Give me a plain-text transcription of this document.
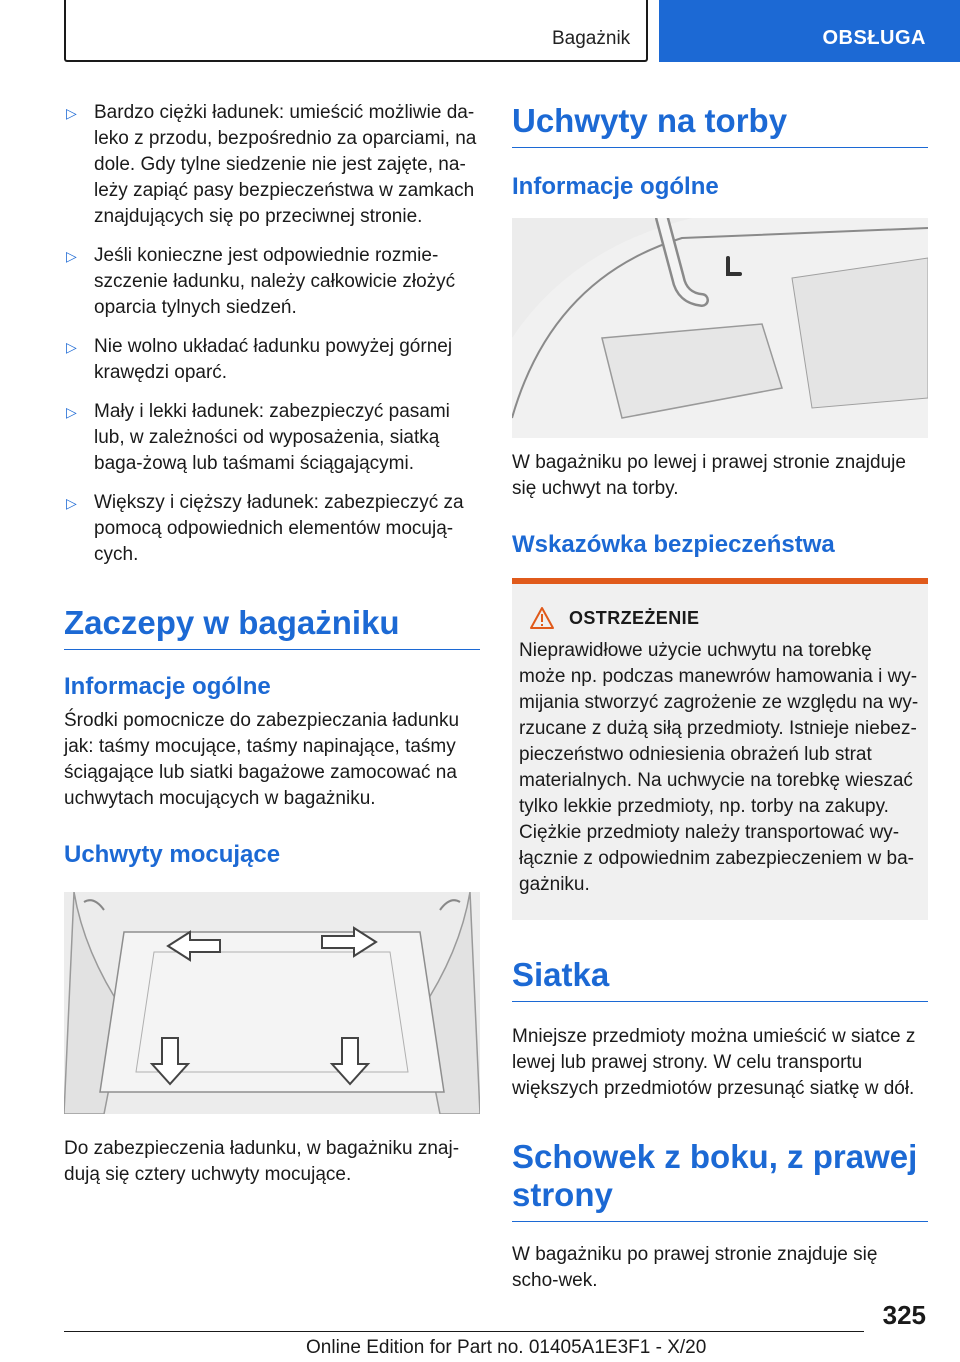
Bagażnik	OBSŁUGA
▷ Bardzo ciężki ładunek: umieścić możliwie da-leko z przodu, bezpośrednio za oparciami, na dole. Gdy tylne siedzenie nie jest zajęte, na-leży zapiąć pasy bezpieczeństwa w zamkach znajdujących się po przeciwnej stronie.
▷ Jeśli konieczne jest odpowiednie rozmie-szczenie ładunku, należy całkowicie złożyć oparcia tylnych siedzeń.
▷ Nie wolno układać ładunku powyżej górnej krawędzi oparć.
▷ Mały i lekki ładunek: zabezpieczyć pasami lub, w zależności od wyposażenia, siatką baga-żową lub taśmami ściągającymi.
▷ Większy i cięższy ładunek: zabezpieczyć za pomocą odpowiednich elementów mocują-cych.
Zaczepy w bagażniku
Informacje ogólne

Środki pomocnicze do zabezpieczania ładunku jak: taśmy mocujące, taśmy napinające, taśmy ściągające lub siatki bagażowe zamocować na uchwytach mocujących w bagażniku.

Uchwyty mocujące

Do zabezpieczenia ładunku, w bagażniku znaj-dują się cztery uchwyty mocujące.

Uchwyty na torby
Informacje ogólne

W bagażniku po lewej i prawej stronie znajduje się uchwyt na torby.

Wskazówka bezpieczeństwa
OSTRZEŻENIE

Nieprawidłowe użycie uchwytu na torebkę może np. podczas manewrów hamowania i wy-mijania stworzyć zagrożenie ze względu na wy-rzucane z dużą siłą przedmioty. Istnieje niebez-pieczeństwo odniesienia obrażeń lub strat materialnych. Na uchwycie na torebkę wieszać tylko lekkie przedmioty, np. torby na zakupy. Ciężkie przedmioty należy transportować wy-łącznie z odpowiednim zabezpieczeniem w ba-gażniku.

Siatka

Mniejsze przedmioty można umieścić w siatce z lewej lub prawej strony. W celu transportu większych przedmiotów przesunąć siatkę w dół.

Schowek z boku, z prawej strony

W bagażniku po prawej stronie znajduje się scho-wek.

325
Online Edition for Part no. 01405A1E3F1 - X/20
